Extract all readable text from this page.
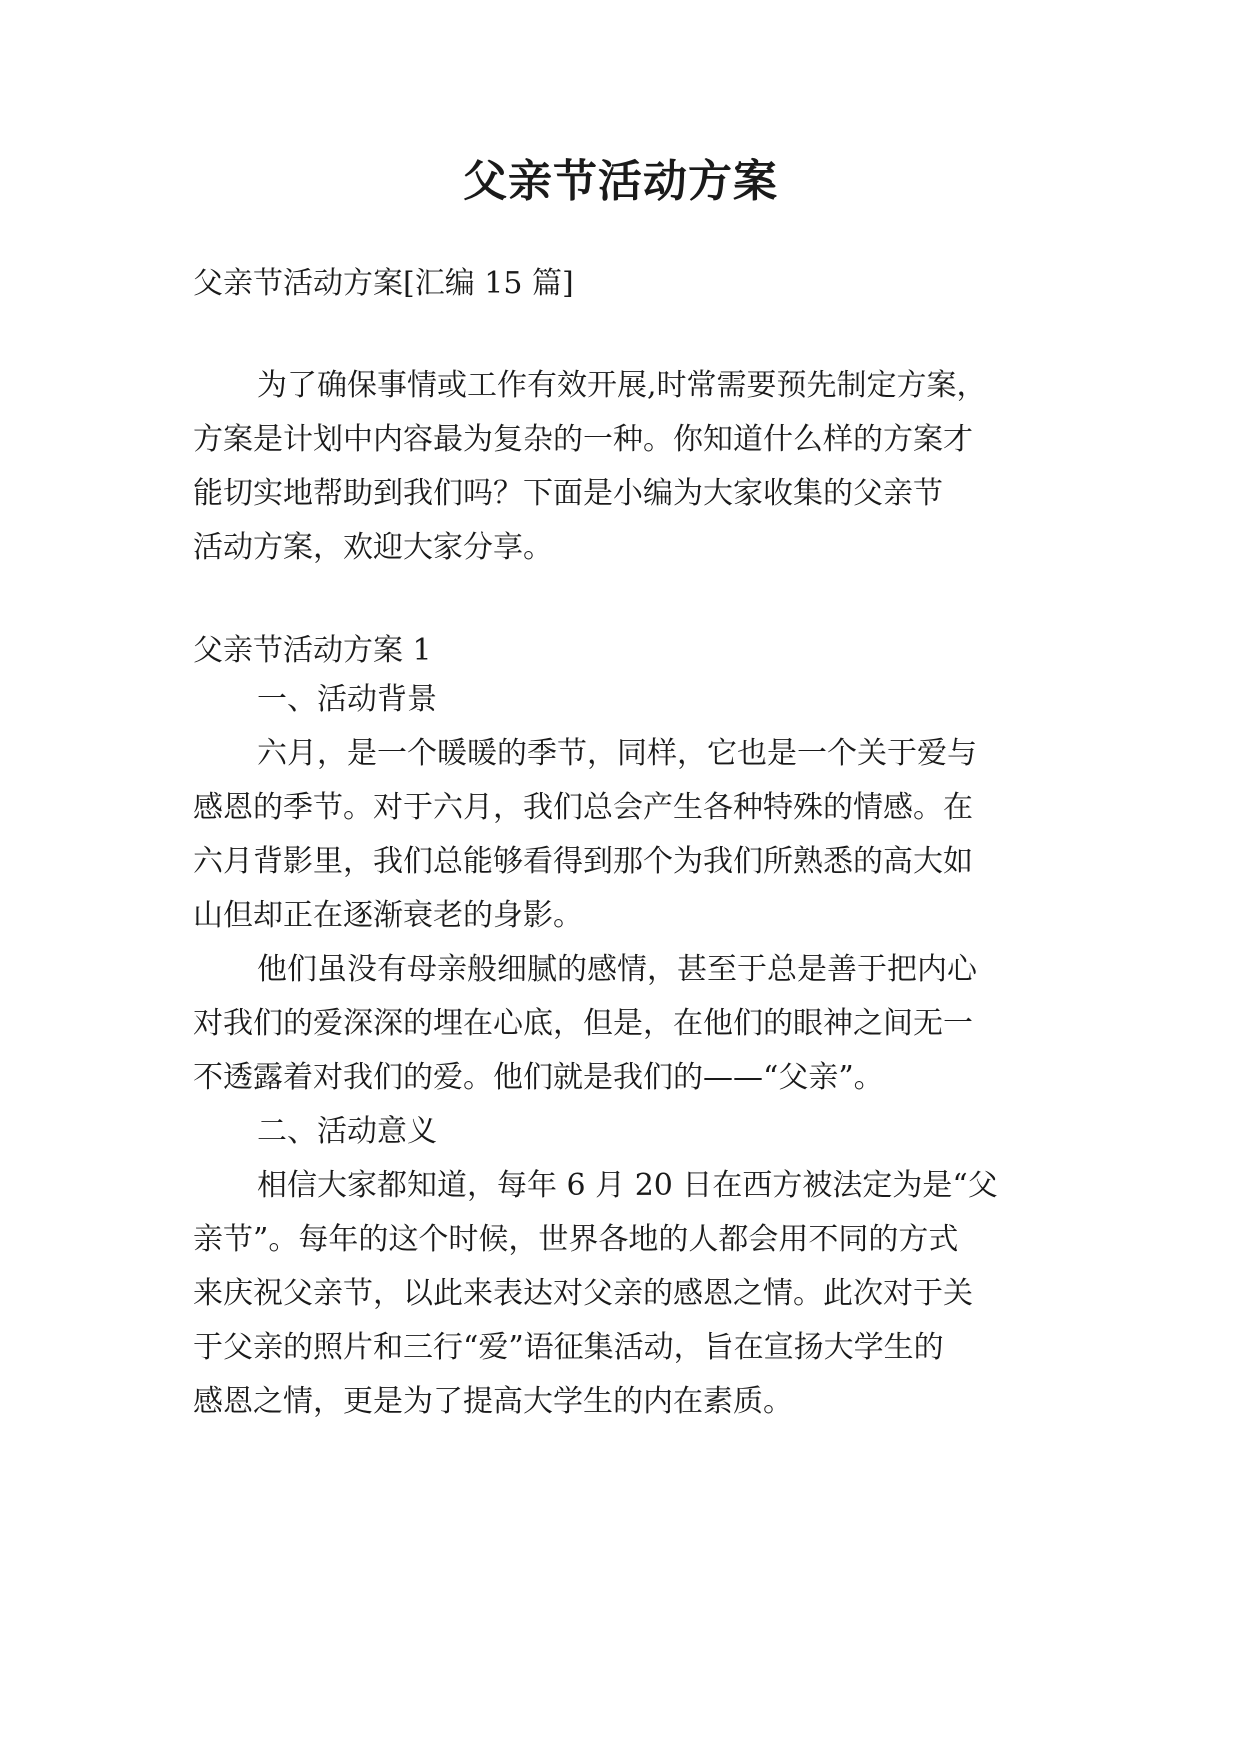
父亲节活动方案

父亲节活动方案[汇编 15 篇]

为了确保事情或工作有效开展,时常需要预先制定方案，

方案是计划中内容最为复杂的一种。你知道什么样的方案才

能切实地帮助到我们吗？下面是小编为大家收集的父亲节

活动方案，欢迎大家分享。

父亲节活动方案 1

一、活动背景

六月，是一个暖暖的季节，同样，它也是一个关于爱与

感恩的季节。对于六月，我们总会产生各种特殊的情感。在

六月背影里，我们总能够看得到那个为我们所熟悉的高大如

山但却正在逐渐衰老的身影。

他们虽没有母亲般细腻的感情，甚至于总是善于把内心

对我们的爱深深的埋在心底，但是，在他们的眼神之间无一

不透露着对我们的爱。他们就是我们的——“父亲”。

二、活动意义

相信大家都知道，每年 6 月 20 日在西方被法定为是“父

亲节”。每年的这个时候，世界各地的人都会用不同的方式

来庆祝父亲节，以此来表达对父亲的感恩之情。此次对于关

于父亲的照片和三行“爱”语征集活动，旨在宣扬大学生的

感恩之情，更是为了提高大学生的内在素质。
